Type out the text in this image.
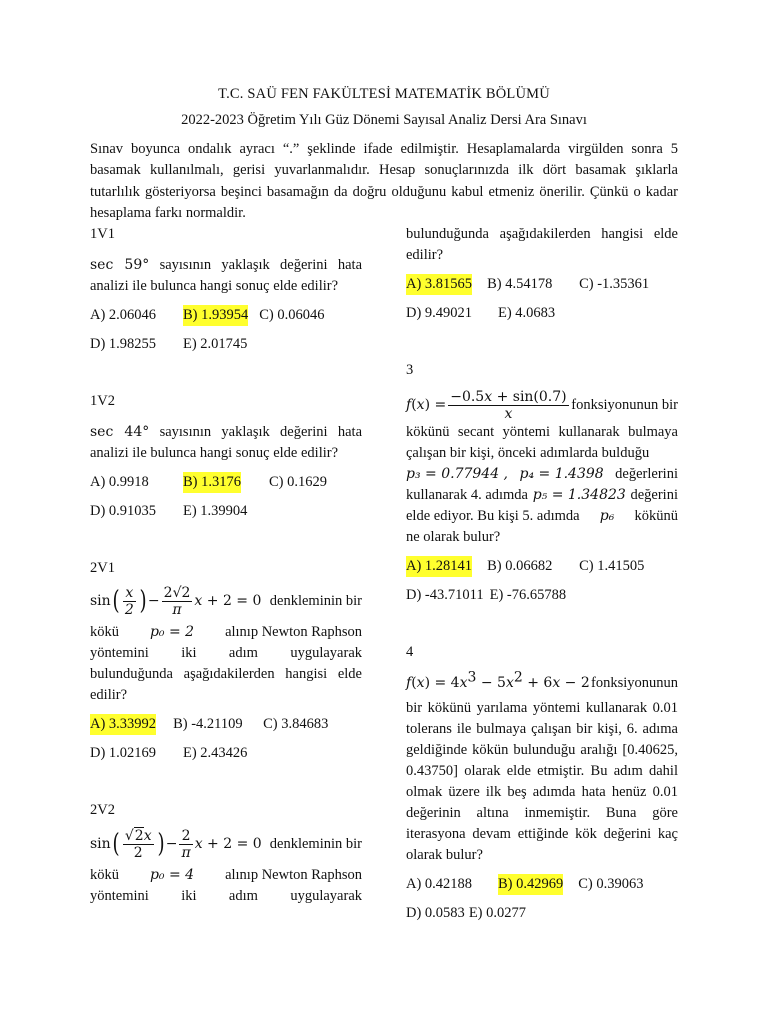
T.C. SAÜ FEN FAKÜLTESİ MATEMATİK BÖLÜMÜ
2022-2023 Öğretim Yılı Güz Dönemi Sayısal Analiz Dersi Ara Sınavı
Sınav boyunca ondalık ayracı “.” şeklinde ifade edilmiştir. Hesaplamalarda virgülden sonra 5 basamak kullanılmalı, gerisi yuvarlanmalıdır. Hesap sonuçlarınızda ilk dört basamak şıklarla tutarlılık gösteriyorsa beşinci basamağın da doğru olduğunu kabul etmeniz önerilir. Çünkü o kadar hesaplama farkı normaldir.
1V1
sec 59° sayısının yaklaşık değerini hata analizi ile bulunca hangi sonuç elde edilir?
A) 2.06046	B) 1.93954 C) 0.06046
D) 1.98255	E) 2.01745
1V2
sec 44° sayısının yaklaşık değerini hata analizi ile bulunca hangi sonuç elde edilir?
A) 0.9918	B) 1.3176 C) 0.1629
D) 0.91035	E) 1.39904
2V1
sin ( $\frac{x}{2}$ ) − $\frac{2√2}{\pi}$ x + 2 = 0 denkleminin bir
kökü p₀ = 2 alınıp Newton Raphson
yöntemini iki adım uygulayarak bulunduğunda aşağıdakilerden hangisi elde edilir?
A) 3.33992 B) -4.21109	C) 3.84683
D) 1.02169	E) 2.43426
2V2
sin ( $\frac{√2x}{2}$ ) − $\frac{2}{\pi}$ x + 2 = 0 denkleminin bir
kökü p₀ = 4 alınıp Newton Raphson
yöntemini iki adım uygulayarak
bulunduğunda aşağıdakilerden hangisi elde edilir?
A) 3.81565 B) 4.54178	C) -1.35361
D) 9.49021	E) 4.0683
3
f ( x ) = $\frac{-0.5x + \sin(0.7)}{x}$ fonksiyonunun bir
kökünü secant yöntemi kullanarak bulmaya çalışan bir kişi, önceki adımlarda bulduğu
p₃ = 0.77944 , p₄ = 1.4398 değerlerini
kullanarak 4. adımda p₅ = 1.34823 değerini
elde ediyor. Bu kişi 5. adımda p₆ kökünü
ne olarak bulur?
A) 1.28141 B) 0.06682	C) 1.41505
D) -43.71011 E) -76.65788
4
$f(x) = 4x^3 - 5x^2 + 6x - 2$ fonksiyonunun
bir kökünü yarılama yöntemi kullanarak 0.01 tolerans ile bulmaya çalışan bir kişi, 6. adıma geldiğinde kökün bulunduğu aralığı [0.40625, 0.43750] olarak elde etmiştir. Bu adım dahil olmak üzere ilk beş adımda hata henüz 0.01 değerinin altına inmemiştir. Buna göre iterasyona devam ettiğinde kök değerini kaç olarak bulur?
A) 0.42188	B) 0.42969 C) 0.39063
D) 0.0583 E) 0.0277
